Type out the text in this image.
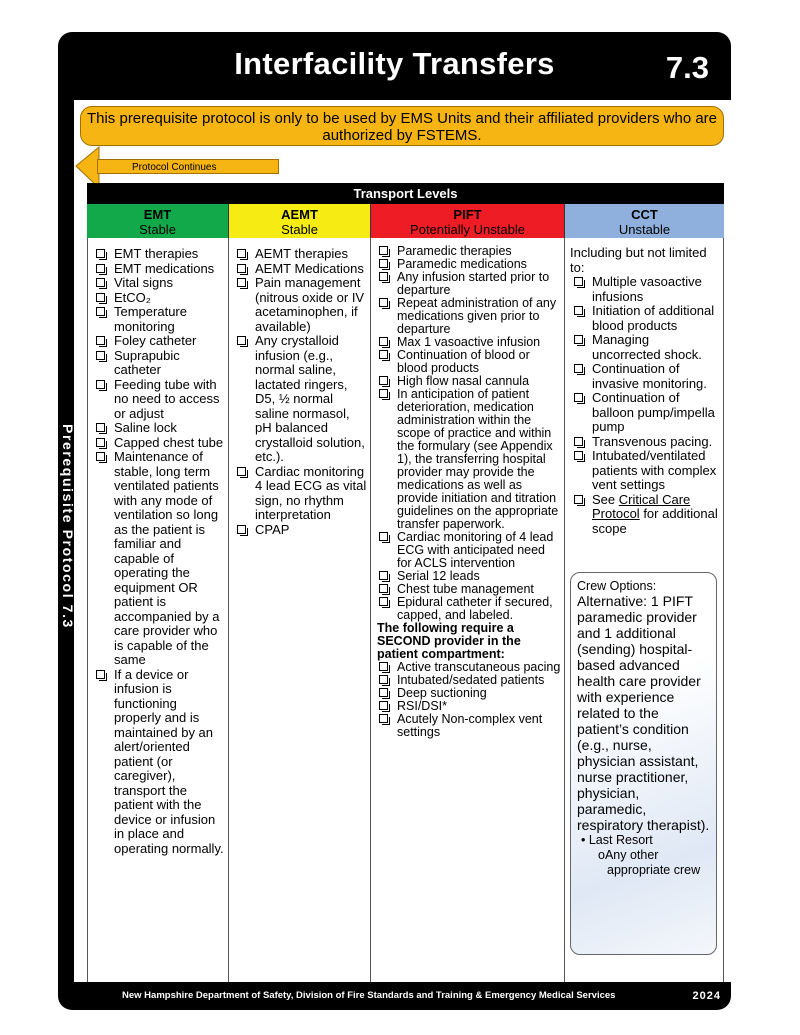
Interfacility Transfers	7.3
Prerequisite Protocol 7.3
This prerequisite protocol is only to be used by EMS Units and their affiliated providers who are authorized by FSTEMS.
Protocol Continues
Transport Levels
EMT
Stable
AEMT
Stable
PIFT
Potentially Unstable
CCT
Unstable
EMT therapies
EMT medications
Vital signs
EtCO₂
Temperature monitoring
Foley catheter
Suprapubic catheter
Feeding tube with no need to access or adjust
Saline lock
Capped chest tube
Maintenance of stable, long term ventilated patients with any mode of ventilation so long as the patient is familiar and capable of operating the equipment OR patient is accompanied by a care provider who is capable of the same
If a device or infusion is functioning properly and is maintained by an alert/oriented patient (or caregiver), transport the patient with the device or infusion in place and operating normally.
AEMT therapies
AEMT Medications
Pain management (nitrous oxide or IV acetaminophen, if available)
Any crystalloid infusion (e.g., normal saline, lactated ringers, D5, ½ normal saline normasol, pH balanced crystalloid solution, etc.).
Cardiac monitoring 4 lead ECG as vital sign, no rhythm interpretation
CPAP
Paramedic therapies
Paramedic medications
Any infusion started prior to departure
Repeat administration of any medications given prior to departure
Max 1 vasoactive infusion
Continuation of blood or blood products
High flow nasal cannula
In anticipation of patient deterioration, medication administration within the scope of practice and within the formulary (see Appendix 1), the transferring hospital provider may provide the medications as well as provide initiation and titration guidelines on the appropriate transfer paperwork.
Cardiac monitoring of 4 lead ECG with anticipated need for ACLS intervention
Serial 12 leads
Chest tube management
Epidural catheter if secured, capped, and labeled.
The following require a SECOND provider in the patient compartment:
Active transcutaneous pacing
Intubated/sedated patients
Deep suctioning
RSI/DSI*
Acutely Non-complex vent settings
Including but not limited to:
Multiple vasoactive infusions
Initiation of additional blood products
Managing uncorrected shock.
Continuation of invasive monitoring.
Continuation of balloon pump/impella pump
Transvenous pacing.
Intubated/ventilated patients with complex vent settings
See Critical Care Protocol for additional scope
Crew Options:
Alternative: 1 PIFT paramedic provider and 1 additional (sending) hospital-based advanced health care provider with experience related to the patient’s condition (e.g., nurse, physician assistant, nurse practitioner, physician, paramedic, respiratory therapist).
• Last Resort
oAny other appropriate crew
New Hampshire Department of Safety, Division of Fire Standards and Training & Emergency Medical Services	2024
